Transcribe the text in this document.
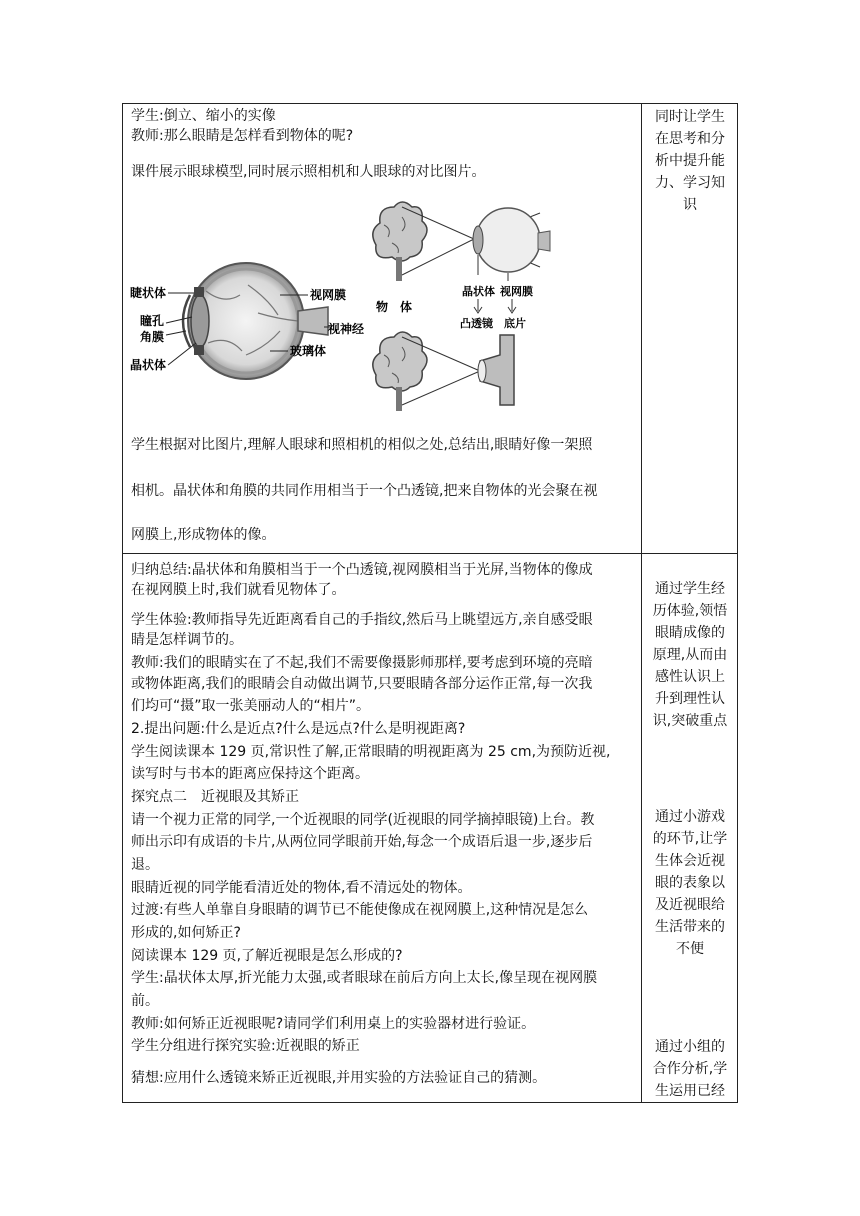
学生:倒立、缩小的实像
教师:那么眼睛是怎样看到物体的呢?
课件展示眼球模型,同时展示照相机和人眼球的对比图片。
睫状体
瞳孔
角膜
晶状体
视网膜
视神经
玻璃体
晶状体 视网膜
凸透镜 底片
物　体
学生根据对比图片,理解人眼球和照相机的相似之处,总结出,眼睛好像一架照
相机。晶状体和角膜的共同作用相当于一个凸透镜,把来自物体的光会聚在视
网膜上,形成物体的像。
同时让学生
在思考和分
析中提升能
力、学习知
识
归纳总结:晶状体和角膜相当于一个凸透镜,视网膜相当于光屏,当物体的像成
在视网膜上时,我们就看见物体了。
学生体验:教师指导先近距离看自己的手指纹,然后马上眺望远方,亲自感受眼
睛是怎样调节的。
教师:我们的眼睛实在了不起,我们不需要像摄影师那样,要考虑到环境的亮暗
或物体距离,我们的眼睛会自动做出调节,只要眼睛各部分运作正常,每一次我
们均可“摄”取一张美丽动人的“相片”。
2.提出问题:什么是近点?什么是远点?什么是明视距离?
学生阅读课本 129 页,常识性了解,正常眼睛的明视距离为 25 cm,为预防近视,
读写时与书本的距离应保持这个距离。
探究点二　近视眼及其矫正
请一个视力正常的同学,一个近视眼的同学(近视眼的同学摘掉眼镜)上台。教
师出示印有成语的卡片,从两位同学眼前开始,每念一个成语后退一步,逐步后
退。
眼睛近视的同学能看清近处的物体,看不清远处的物体。
过渡:有些人单靠自身眼睛的调节已不能使像成在视网膜上,这种情况是怎么
形成的,如何矫正?
阅读课本 129 页,了解近视眼是怎么形成的?
学生:晶状体太厚,折光能力太强,或者眼球在前后方向上太长,像呈现在视网膜
前。
教师:如何矫正近视眼呢?请同学们利用桌上的实验器材进行验证。
学生分组进行探究实验:近视眼的矫正
猜想:应用什么透镜来矫正近视眼,并用实验的方法验证自己的猜测。
通过学生经
历体验,领悟
眼睛成像的
原理,从而由
感性认识上
升到理性认
识,突破重点
通过小游戏
的环节,让学
生体会近视
眼的表象以
及近视眼给
生活带来的
不便
通过小组的
合作分析,学
生运用已经
